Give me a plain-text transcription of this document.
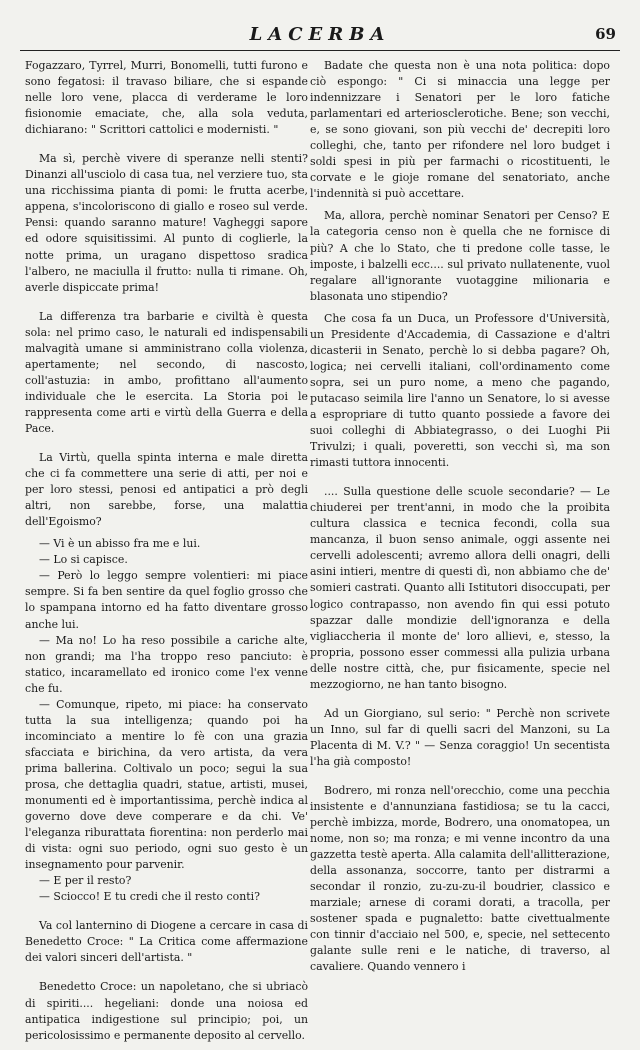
LACERBA	69

Fogazzaro, Tyrrel, Murri, Bonomelli, tutti furono e sono fegatosi: il travaso biliare, che si espande nelle loro vene, placca di verderame le loro fisionomie emaciate, che, alla sola veduta, dichiarano: " Scrittori cattolici e modernisti. "

Ma sì, perchè vivere di speranze nelli stenti? Dinanzi all'usciolo di casa tua, nel verziere tuo, sta una ricchissima pianta di pomi: le frutta acerbe, appena, s'incoloriscono di giallo e roseo sul verde. Pensi: quando saranno mature! Vagheggi sapore ed odore squisitissimi. Al punto di coglierle, la notte prima, un uragano dispettoso sradica l'albero, ne maciulla il frutto: nulla ti rimane. Oh, averle dispiccate prima!

La differenza tra barbarie e civiltà è questa sola: nel primo caso, le naturali ed indispensabili malvagità umane si amministrano colla violenza, apertamente; nel secondo, di nascosto, coll'astuzia: in ambo, profittano all'aumento individuale che le esercita. La Storia poi le rappresenta come arti e virtù della Guerra e della Pace.

La Virtù, quella spinta interna e male diretta che ci fa commettere una serie di atti, per noi e per loro stessi, penosi ed antipatici a prò degli altri, non sarebbe, forse, una malattia dell'Egoismo?

— Vi è un abisso fra me e lui.

— Lo si capisce.

— Però lo leggo sempre volentieri: mi piace sempre. Si fa ben sentire da quel foglio grosso che lo spampana intorno ed ha fatto diventare grosso anche lui.

— Ma no! Lo ha reso possibile a cariche alte, non grandi; ma l'ha troppo reso panciuto: è statico, incaramellato ed ironico come l'ex venne che fu.

— Comunque, ripeto, mi piace: ha conservato tutta la sua intelligenza; quando poi ha incominciato a mentire lo fè con una grazia sfacciata e birichina, da vero artista, da vera prima ballerina. Coltivalo un poco; segui la sua prosa, che dettaglia quadri, statue, artisti, musei, monumenti ed è importantissima, perchè indica al governo dove deve comperare e da chi. Ve' l'eleganza riburattata fiorentina: non perderlo mai di vista: ogni suo periodo, ogni suo gesto è un insegnamento pour parvenir.

— E per il resto?

— Sciocco! E tu credi che il resto conti?

Va col lanternino di Diogene a cercare in casa di Benedetto Croce: " La Critica come affermazione dei valori sinceri dell'artista. "

Benedetto Croce: un napoletano, che si ubriacò di spiriti.... hegeliani: donde una noiosa ed antipatica indigestione sul principio; poi, un pericolosissimo e permanente deposito al cervello.

Badate che questa non è una nota politica: dopo ciò espongo: " Ci si minaccia una legge per indennizzare i Senatori per le loro fatiche parlamentari ed arteriosclerotiche. Bene; son vecchi, e, se sono giovani, son più vecchi de' decrepiti loro colleghi, che, tanto per rifondere nel loro budget i soldi spesi in più per farmachi o ricostituenti, le corvate e le gioje romane del senatoriato, anche l'indennità si può accettare.

Ma, allora, perchè nominar Senatori per Censo? E la categoria censo non è quella che ne fornisce di più? A che lo Stato, che ti predone colle tasse, le imposte, i balzelli ecc.... sul privato nullatenente, vuol regalare all'ignorante vuotaggine milionaria e blasonata uno stipendio?

Che cosa fa un Duca, un Professore d'Università, un Presidente d'Accademia, di Cassazione e d'altri dicasterii in Senato, perchè lo si debba pagare? Oh, logica; nei cervelli italiani, coll'ordinamento come sopra, sei un puro nome, a meno che pagando, putacaso seimila lire l'anno un Senatore, lo si avesse a espropriare di tutto quanto possiede a favore dei suoi colleghi di Abbiategrasso, o dei Luoghi Pii Trivulzi; i quali, poveretti, son vecchi sì, ma son rimasti tuttora innocenti.

.... Sulla questione delle scuole secondarie? — Le chiuderei per trent'anni, in modo che la proibita cultura classica e tecnica fecondi, colla sua mancanza, il buon senso animale, oggi assente nei cervelli adolescenti; avremo allora delli onagri, delli asini intieri, mentre di questi dì, non abbiamo che de' somieri castrati. Quanto alli Istitutori disoccupati, per logico contrapasso, non avendo fin qui essi potuto spazzar dalle mondizie dell'ignoranza e della vigliaccheria il monte de' loro allievi, e, stesso, la propria, possono esser commessi alla pulizia urbana delle nostre città, che, pur fisicamente, specie nel mezzogiorno, ne han tanto bisogno.

Ad un Giorgiano, sul serio: " Perchè non scrivete un Inno, sul far di quelli sacri del Manzoni, su La Placenta di M. V.? " — Senza coraggio! Un secentista l'ha già composto!

Bodrero, mi ronza nell'orecchio, come una pecchia insistente e d'annunziana fastidiosa; se tu la cacci, perchè imbizza, morde, Bodrero, una onomatopea, un nome, non so; ma ronza; e mi venne incontro da una gazzetta testè aperta. Alla calamita dell'allitterazione, della assonanza, soccorre, tanto per distrarmi a secondar il ronzio, zu-zu-zu-il boudrier, classico e marziale; arnese di corami dorati, a tracolla, per sostener spada e pugnaletto: batte civettualmente con tinnir d'acciaio nel 500, e, specie, nel settecento galante sulle reni e le natiche, di traverso, al cavaliere. Quando vennero i
